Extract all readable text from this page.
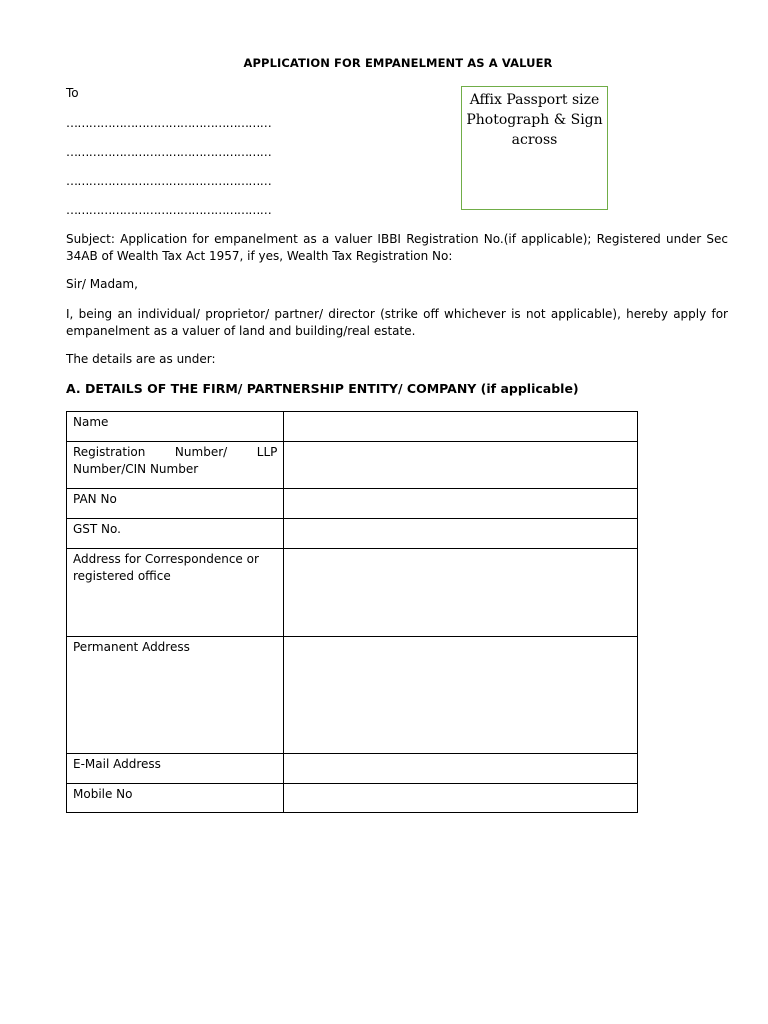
APPLICATION FOR EMPANELMENT AS A VALUER
To
………………………………………………
………………………………………………
………………………………………………
………………………………………………
Affix Passport size
Photograph & Sign
across
Subject: Application for empanelment as a valuer IBBI Registration No.(if applicable); Registered under Sec 34AB of Wealth Tax Act 1957, if yes, Wealth Tax Registration No:
Sir/ Madam,
I, being an individual/ proprietor/ partner/ director (strike off whichever is not applicable), hereby apply for empanelment as a valuer of land and building/real estate.
The details are as under:
A. DETAILS OF THE FIRM/ PARTNERSHIP ENTITY/ COMPANY (if applicable)
Name	

Registration Number/ LLP
Number/CIN Number	
PAN No	
GST No.	
Address for Correspondence or registered office	
Permanent Address	
E-Mail Address	
Mobile No	
